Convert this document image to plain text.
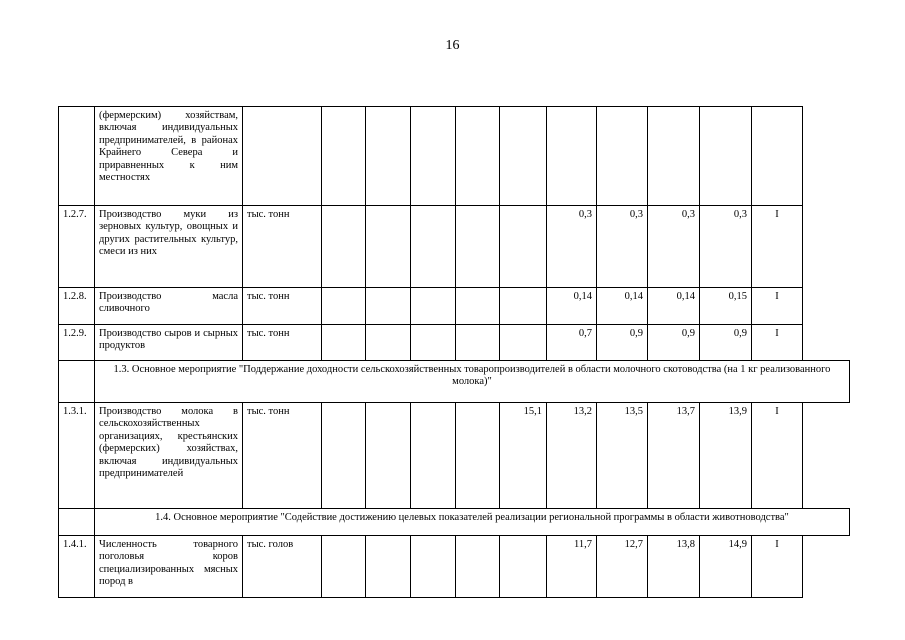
16
	(фермерским) хозяйствам, включая индивидуальных предпринимателей, в районах Крайнего Севера и приравненных к ним местностях											
1.2.7.	Производство муки из зерновых культур, овощных и других растительных культур, смеси из них	тыс. тонн						0,3	0,3	0,3	0,3	I
1.2.8.	Производство масла сливочного	тыс. тонн						0,14	0,14	0,14	0,15	I
1.2.9.	Производство сыров и сырных продуктов	тыс. тонн						0,7	0,9	0,9	0,9	I
	1.3. Основное мероприятие "Поддержание доходности сельскохозяйственных товаропроизводителей в области молочного скотоводства (на 1 кг реализованного молока)"											
1.3.1.	Производство молока в сельскохозяйственных организациях, крестьянских (фермерских) хозяйствах, включая индивидуальных предпринимателей	тыс. тонн					15,1	13,2	13,5	13,7	13,9	I
	1.4. Основное мероприятие "Содействие достижению целевых показателей реализации региональной программы в области животноводства"											
1.4.1.	Численность товарного поголовья коров специализированных мясных пород в	тыс. голов						11,7	12,7	13,8	14,9	I
